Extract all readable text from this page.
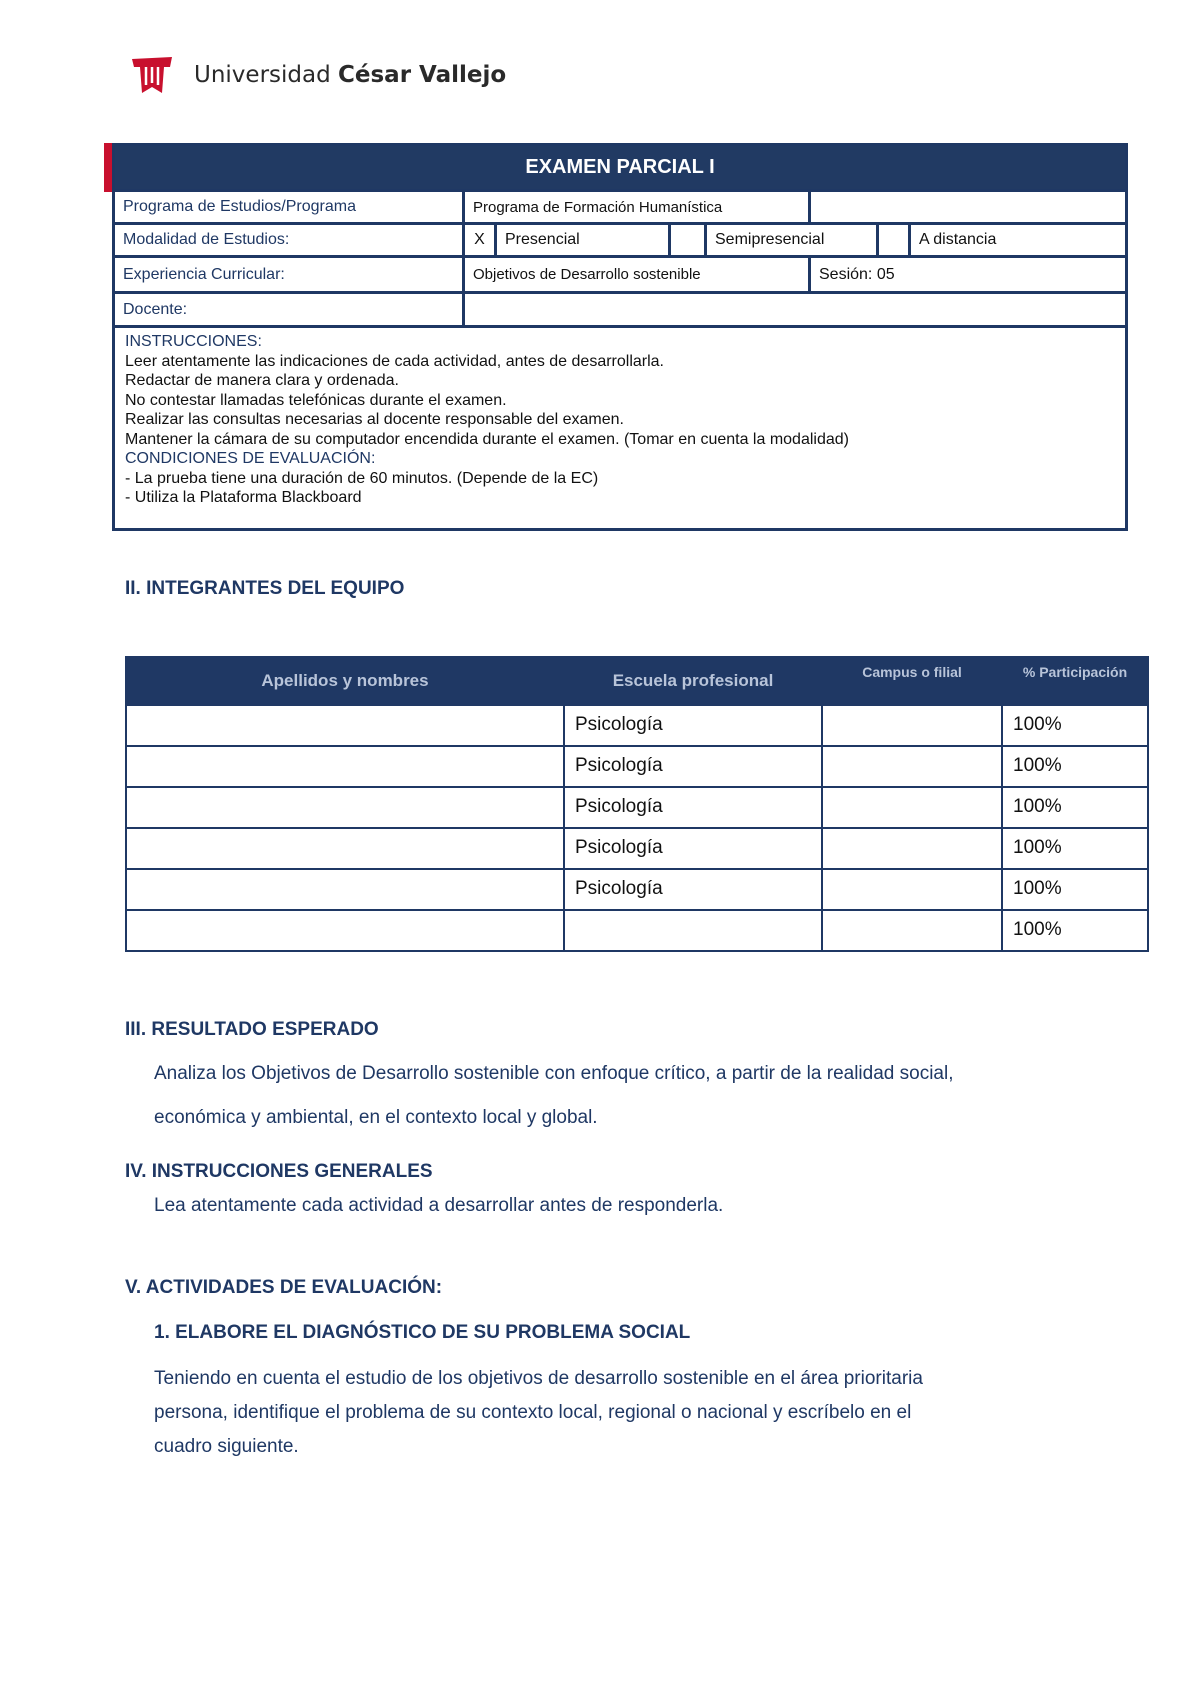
Universidad César Vallejo
EXAMEN PARCIAL I
Programa de Estudios/Programa	Programa de Formación Humanística
Modalidad de Estudios:	X	Presencial	Semipresencial	A distancia
Experiencia Curricular:	Objetivos de Desarrollo sostenible	Sesión: 05
Docente:
INSTRUCCIONES:
Leer atentamente las indicaciones de cada actividad, antes de desarrollarla.
Redactar de manera clara y ordenada.
No contestar llamadas telefónicas durante el examen.
Realizar las consultas necesarias al docente responsable del examen.
Mantener la cámara de su computador encendida durante el examen. (Tomar en cuenta la modalidad)
CONDICIONES DE EVALUACIÓN:
- La prueba tiene una duración de 60 minutos. (Depende de la EC)
- Utiliza la Plataforma Blackboard
II. INTEGRANTES DEL EQUIPO
Apellidos y nombres	Escuela profesional	Campus o filial	% Participación
	Psicología		100%
	Psicología		100%
	Psicología		100%
	Psicología		100%
	Psicología		100%
			100%
III. RESULTADO ESPERADO
Analiza los Objetivos de Desarrollo sostenible con enfoque crítico, a partir de la realidad social,
económica y ambiental, en el contexto local y global.
IV. INSTRUCCIONES GENERALES
Lea atentamente cada actividad a desarrollar antes de responderla.
V. ACTIVIDADES DE EVALUACIÓN:
1. ELABORE EL DIAGNÓSTICO DE SU PROBLEMA SOCIAL
Teniendo en cuenta el estudio de los objetivos de desarrollo sostenible en el área prioritaria
persona, identifique el problema de su contexto local, regional o nacional y escríbelo en el
cuadro siguiente.
